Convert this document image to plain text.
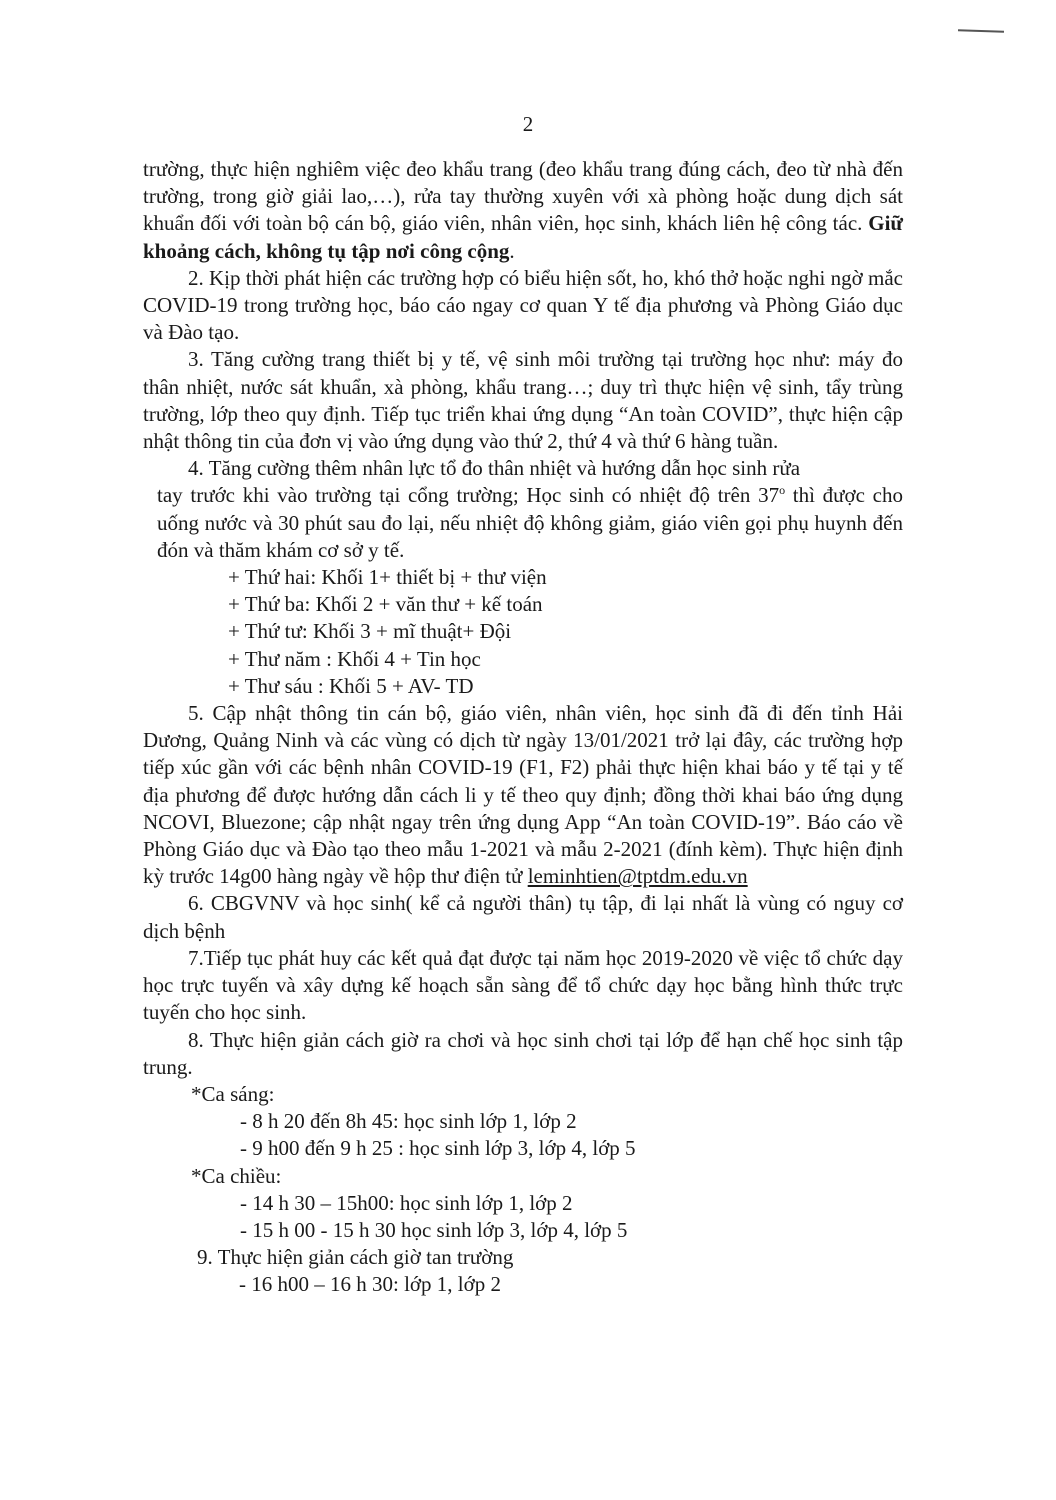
2

trường, thực hiện nghiêm việc đeo khẩu trang (đeo khẩu trang đúng cách, đeo từ nhà đến trường, trong giờ giải lao,…), rửa tay thường xuyên với xà phòng hoặc dung dịch sát khuẩn đối với toàn bộ cán bộ, giáo viên, nhân viên, học sinh, khách liên hệ công tác. Giữ khoảng cách, không tụ tập nơi công cộng.

2. Kịp thời phát hiện các trường hợp có biểu hiện sốt, ho, khó thở hoặc nghi ngờ mắc COVID-19 trong trường học, báo cáo ngay cơ quan Y tế địa phương và Phòng Giáo dục và Đào tạo.

3. Tăng cường trang thiết bị y tế, vệ sinh môi trường tại trường học như: máy đo thân nhiệt, nước sát khuẩn, xà phòng, khẩu trang…; duy trì thực hiện vệ sinh, tẩy trùng trường, lớp theo quy định. Tiếp tục triển khai ứng dụng “An toàn COVID”, thực hiện cập nhật thông tin của đơn vị vào ứng dụng vào thứ 2, thứ 4 và thứ 6 hàng tuần.

4. Tăng cường thêm nhân lực tổ đo thân nhiệt và hướng dẫn học sinh rửa

tay trước khi vào trường tại cổng trường; Học sinh có nhiệt độ trên 37$^o$ thì được cho uống nước và 30 phút sau đo lại, nếu nhiệt độ không giảm, giáo viên gọi phụ huynh đến đón và thăm khám cơ sở y tế.

+ Thứ hai: Khối 1+ thiết bị + thư viện
+ Thứ ba: Khối 2 + văn thư + kế toán
+ Thứ tư: Khối 3 + mĩ thuật+ Đội
+ Thư năm : Khối 4 + Tin học
+ Thư sáu : Khối 5 + AV- TD

5. Cập nhật thông tin cán bộ, giáo viên, nhân viên, học sinh đã đi đến tỉnh Hải Dương, Quảng Ninh và các vùng có dịch từ ngày 13/01/2021 trở lại đây, các trường hợp tiếp xúc gần với các bệnh nhân COVID-19 (F1, F2) phải thực hiện khai báo y tế tại y tế địa phương để được hướng dẫn cách li y tế theo quy định; đồng thời khai báo ứng dụng NCOVI, Bluezone; cập nhật ngay trên ứng dụng App “An toàn COVID-19”. Báo cáo về Phòng Giáo dục và Đào tạo theo mẫu 1-2021 và mẫu 2-2021 (đính kèm). Thực hiện định kỳ trước 14g00 hàng ngày về hộp thư điện tử leminhtien@tptdm.edu.vn

6. CBGVNV và học sinh( kể cả người thân) tụ tập, đi lại nhất là vùng có nguy cơ dịch bệnh

7.Tiếp tục phát huy các kết quả đạt được tại năm học 2019-2020 về việc tổ chức dạy học trực tuyến và xây dựng kế hoạch sẵn sàng để tổ chức dạy học bằng hình thức trực tuyến cho học sinh.

8. Thực hiện giản cách giờ ra chơi và học sinh chơi tại lớp để hạn chế học sinh tập trung.

*Ca sáng:
- 8 h 20 đến 8h 45: học sinh lớp 1, lớp 2
- 9 h00 đến 9 h 25 : học sinh lớp 3, lớp 4, lớp 5
*Ca chiều:
- 14 h 30 – 15h00: học sinh lớp 1, lớp 2
- 15 h 00 - 15 h 30 học sinh lớp 3, lớp 4, lớp 5
9. Thực hiện giản cách giờ tan trường
- 16 h00 – 16 h 30: lớp 1, lớp 2
